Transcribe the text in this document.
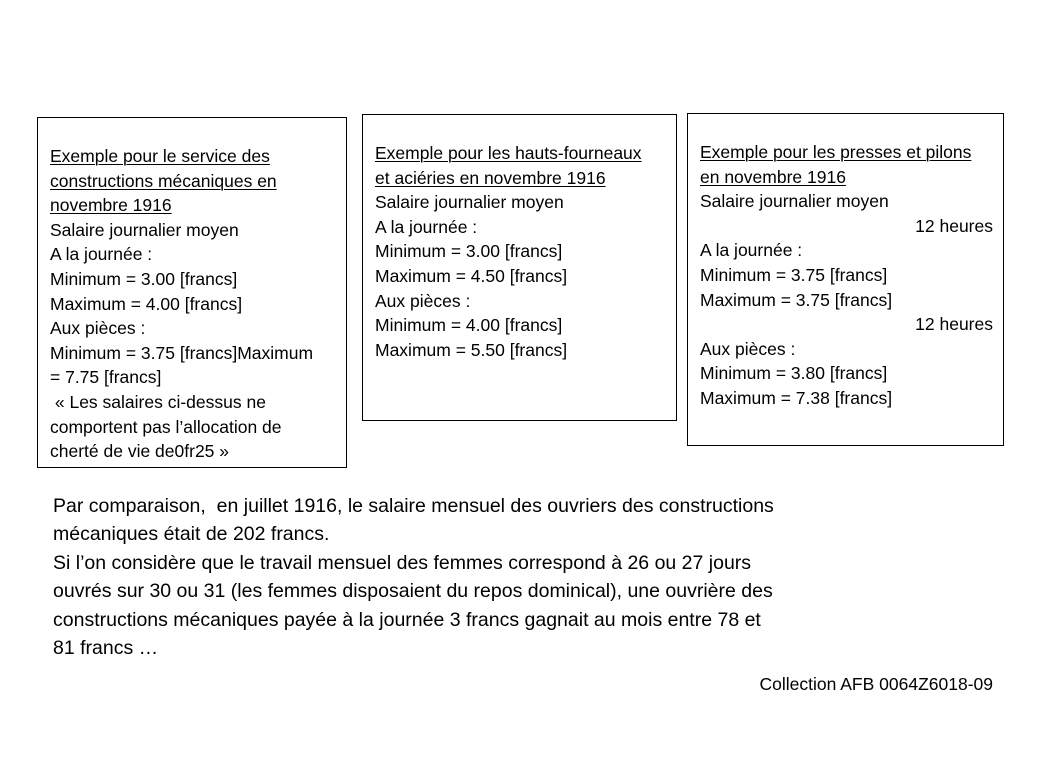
Exemple pour le service des
constructions mécaniques en
novembre 1916
Salaire journalier moyen
A la journée :
Minimum = 3.00 [francs]
Maximum = 4.00 [francs]
Aux pièces :
Minimum = 3.75 [francs]Maximum
= 7.75 [francs]
« Les salaires ci-dessus ne
comportent pas l’allocation de
cherté de vie de0fr25 »
Exemple pour les hauts-fourneaux
et aciéries en novembre 1916
Salaire journalier moyen
A la journée :
Minimum = 3.00 [francs]
Maximum = 4.50 [francs]
Aux pièces :
Minimum = 4.00 [francs]
Maximum = 5.50 [francs]
Exemple pour les presses et pilons
en novembre 1916
Salaire journalier moyen
12 heures
A la journée :
Minimum = 3.75 [francs]
Maximum = 3.75 [francs]
12 heures
Aux pièces :
Minimum = 3.80 [francs]
Maximum = 7.38 [francs]
Par comparaison,  en juillet 1916, le salaire mensuel des ouvriers des constructions
mécaniques était de 202 francs.
Si l’on considère que le travail mensuel des femmes correspond à 26 ou 27 jours
ouvrés sur 30 ou 31 (les femmes disposaient du repos dominical), une ouvrière des
constructions mécaniques payée à la journée 3 francs gagnait au mois entre 78 et
81 francs …
Collection AFB 0064Z6018-09
